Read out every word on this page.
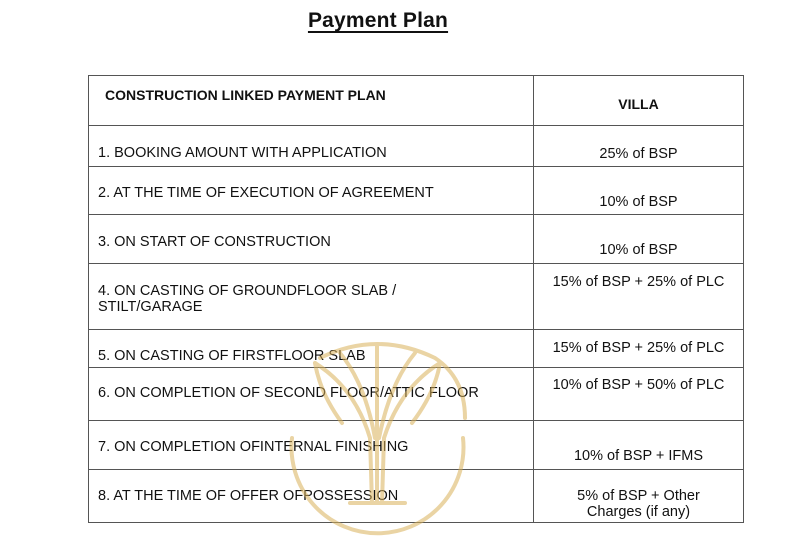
Payment Plan
CONSTRUCTION LINKED PAYMENT PLAN	VILLA
1. BOOKING AMOUNT WITH APPLICATION	25% of BSP
2. AT THE TIME OF EXECUTION OF AGREEMENT	10% of BSP
3. ON START OF CONSTRUCTION	10% of BSP
4. ON CASTING OF GROUNDFLOOR SLAB / STILT/GARAGE	15% of BSP + 25% of PLC
5. ON CASTING OF FIRSTFLOOR SLAB	15% of BSP + 25% of PLC
6. ON COMPLETION OF SECOND FLOOR/ATTIC FLOOR	10% of BSP + 50% of PLC
7. ON COMPLETION OFINTERNAL FINISHING	10% of BSP + IFMS
8. AT THE TIME OF OFFER OFPOSSESSION	5% of BSP + Other Charges (if any)
